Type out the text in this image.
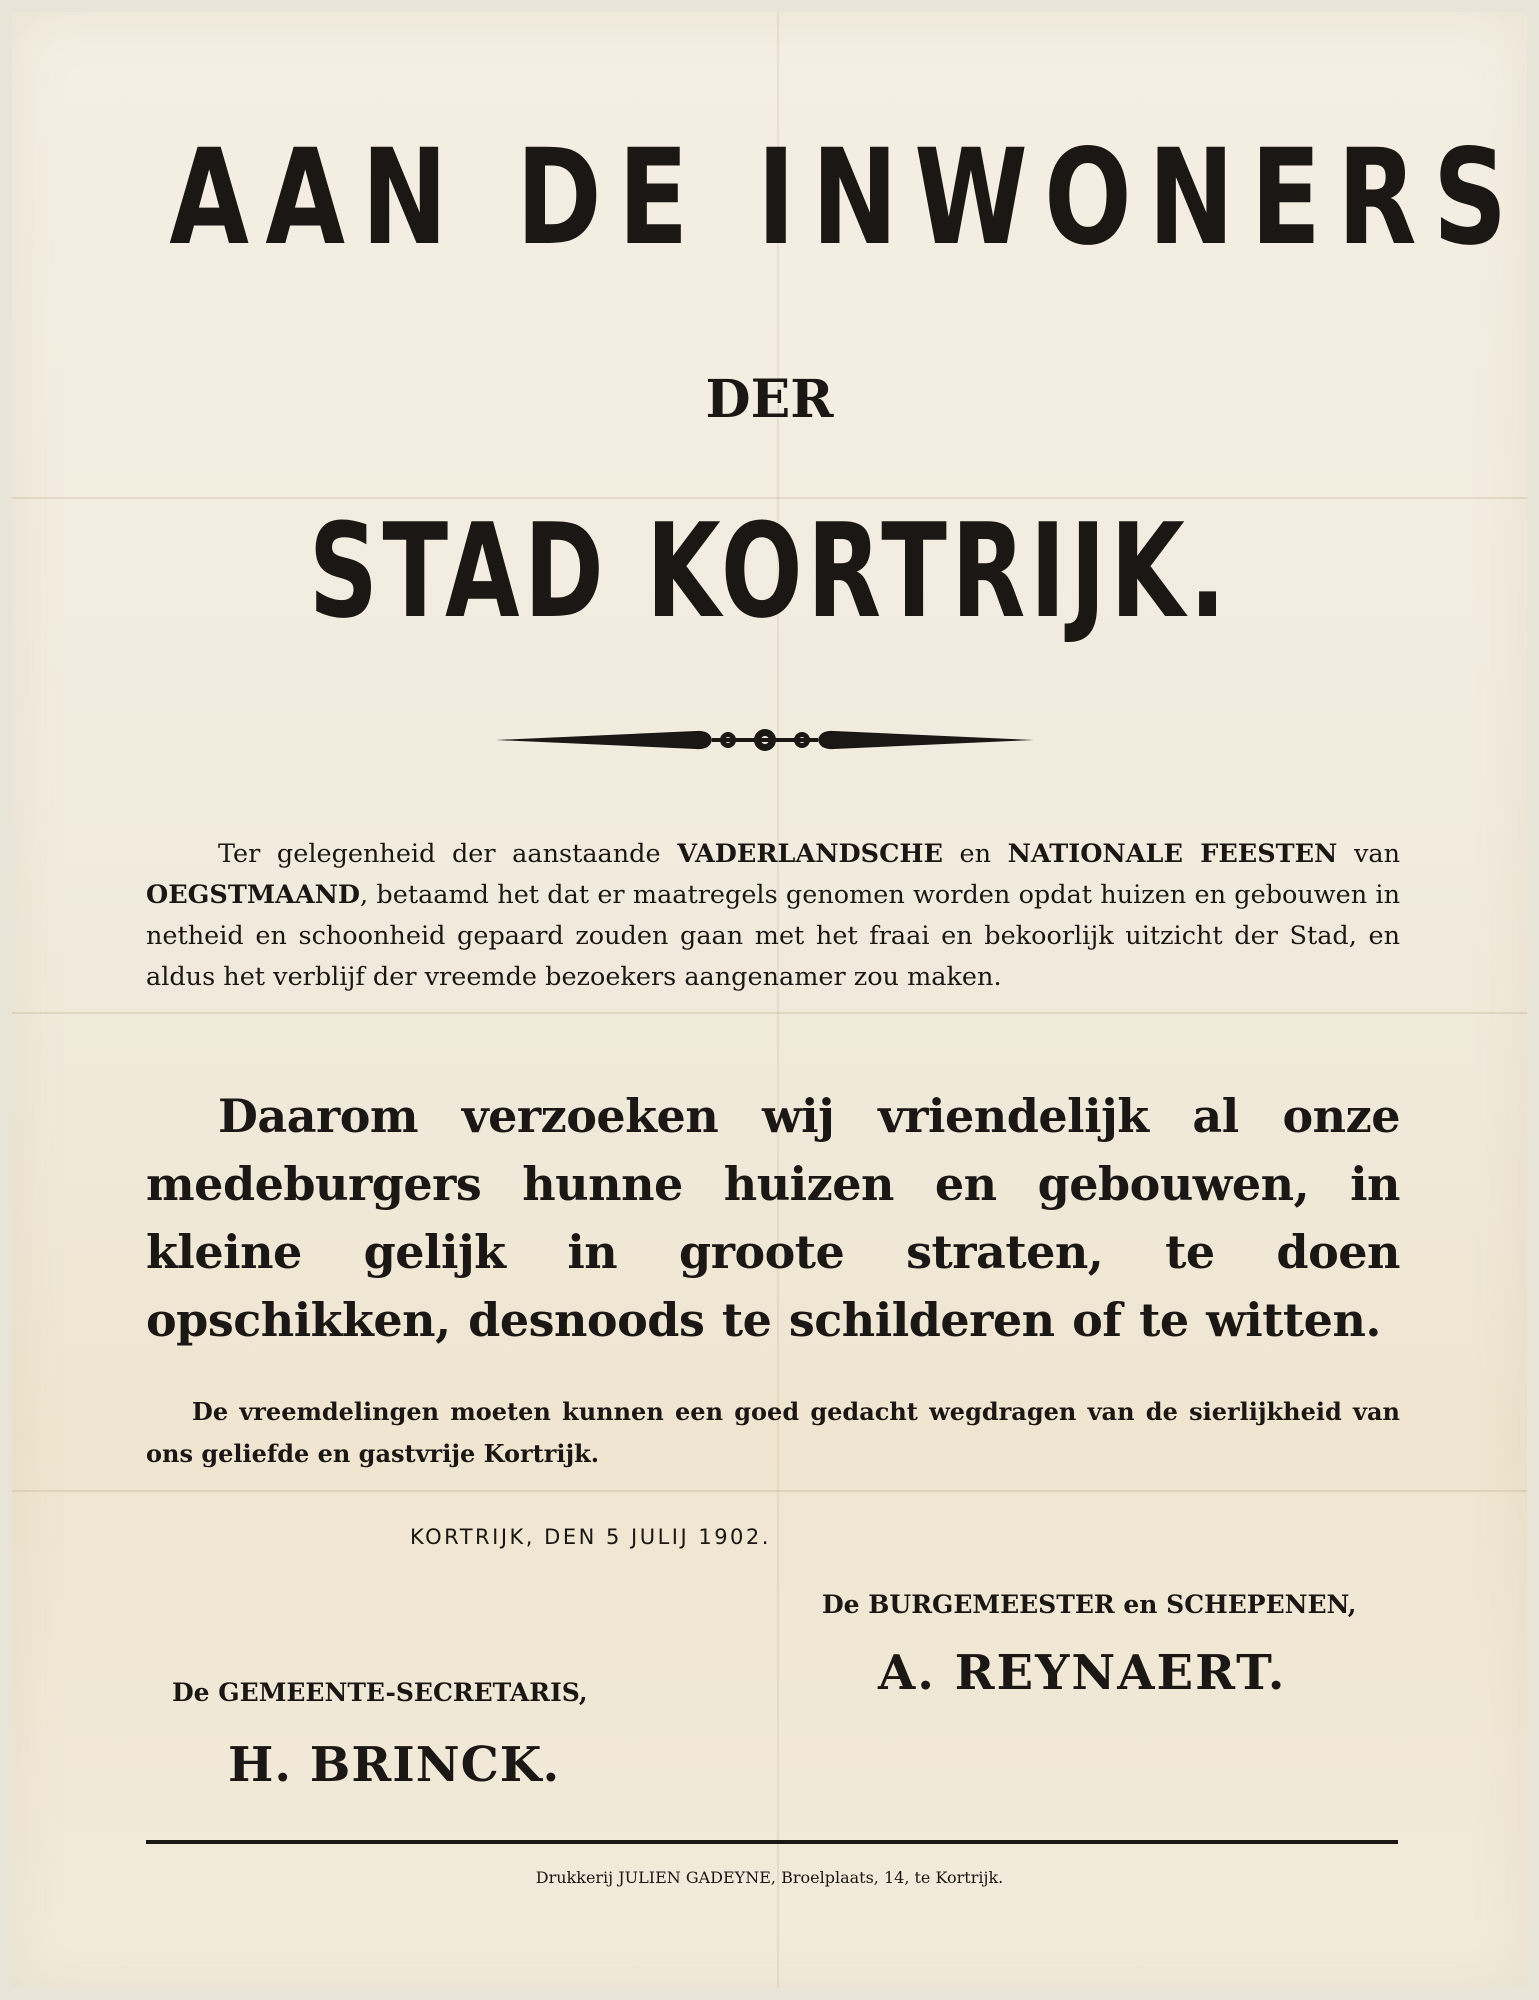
AAN DE INWONERS
DER
STAD KORTRIJK.
Ter gelegenheid der aanstaande VADERLANDSCHE en NATIONALE FEESTEN van OEGSTMAAND, betaamd het dat er maatregels genomen worden opdat huizen en gebouwen in netheid en schoonheid gepaard zouden gaan met het fraai en bekoorlijk uitzicht der Stad, en aldus het verblijf der vreemde bezoekers aangenamer zou maken.
Daarom verzoeken wij vriendelijk al onze medeburgers hunne huizen en gebouwen, in kleine gelijk in groote straten, te doen opschikken, desnoods te schilderen of te witten.
De vreemdelingen moeten kunnen een goed gedacht wegdragen van de sierlijkheid van ons geliefde en gastvrije Kortrijk.
KORTRIJK, DEN 5 JULIJ 1902.
De BURGEMEESTER en SCHEPENEN,
A. REYNAERT.
De GEMEENTE-SECRETARIS,
H. BRINCK.
Drukkerij JULIEN GADEYNE, Broelplaats, 14, te Kortrijk.
